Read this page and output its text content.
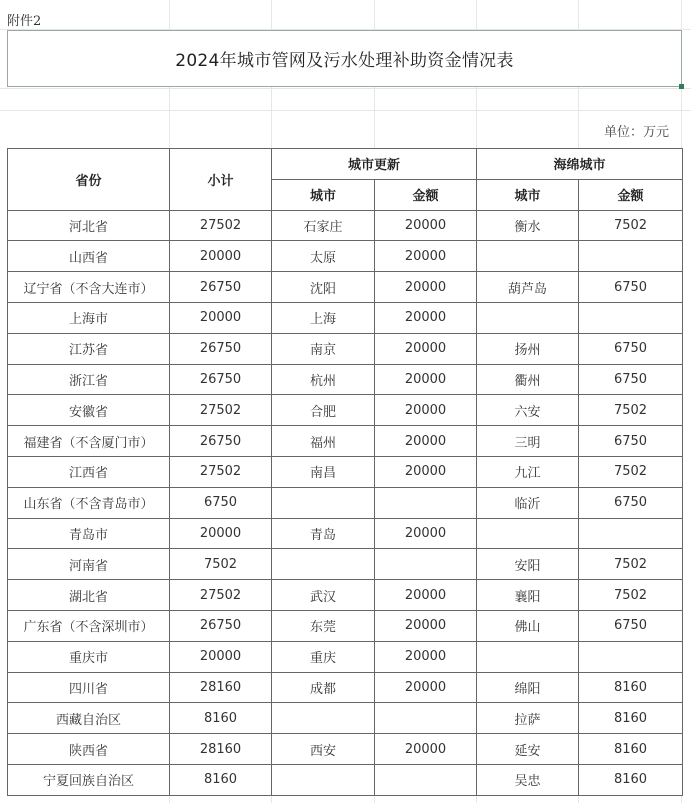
附件2
2024年城市管网及污水处理补助资金情况表
单位：万元
省份	小计	城市更新		海绵城市	
		城市	金额	城市	金额
河北省	27502	石家庄	20000	衡水	7502
山西省	20000	太原	20000		
辽宁省（不含大连市）	26750	沈阳	20000	葫芦岛	6750
上海市	20000	上海	20000		
江苏省	26750	南京	20000	扬州	6750
浙江省	26750	杭州	20000	衢州	6750
安徽省	27502	合肥	20000	六安	7502
福建省（不含厦门市）	26750	福州	20000	三明	6750
江西省	27502	南昌	20000	九江	7502
山东省（不含青岛市）	6750			临沂	6750
青岛市	20000	青岛	20000		
河南省	7502			安阳	7502
湖北省	27502	武汉	20000	襄阳	7502
广东省（不含深圳市）	26750	东莞	20000	佛山	6750
重庆市	20000	重庆	20000		
四川省	28160	成都	20000	绵阳	8160
西藏自治区	8160			拉萨	8160
陕西省	28160	西安	20000	延安	8160
宁夏回族自治区	8160			吴忠	8160
